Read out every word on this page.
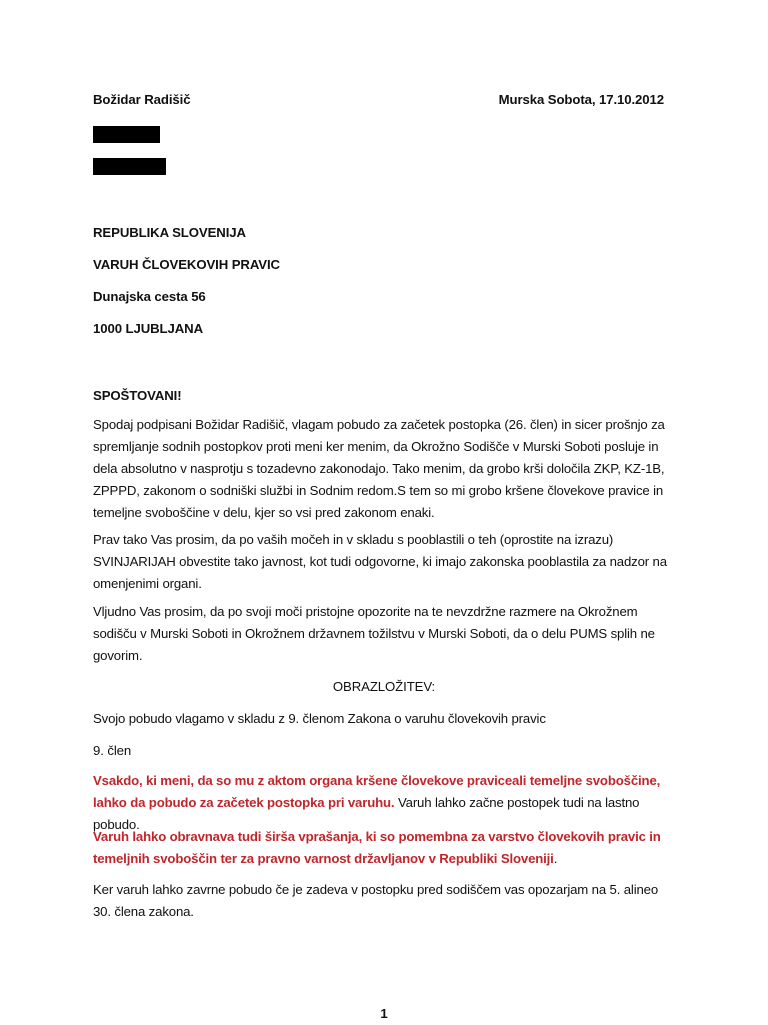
Božidar Radišič	Murska Sobota, 17.10.2012
REPUBLIKA SLOVENIJA
VARUH ČLOVEKOVIH PRAVIC
Dunajska cesta 56
1000 LJUBLJANA
SPOŠTOVANI!
Spodaj podpisani Božidar Radišič, vlagam pobudo za začetek postopka (26. člen) in sicer prošnjo za spremljanje sodnih postopkov proti meni ker menim, da Okrožno Sodišče v Murski Soboti posluje in dela absolutno v nasprotju s tozadevno zakonodajo. Tako menim, da grobo krši določila ZKP, KZ-1B, ZPPPD, zakonom o sodniški službi in Sodnim redom.S tem so mi grobo kršene človekove pravice in temeljne svoboščine v delu, kjer so vsi pred zakonom enaki.
Prav tako Vas prosim, da po vaših močeh in v skladu s pooblastili o teh (oprostite na izrazu) SVINJARIJAH obvestite tako javnost, kot tudi odgovorne, ki imajo zakonska pooblastila za nadzor na omenjenimi organi.
Vljudno Vas prosim, da po svoji moči pristojne opozorite na te nevzdržne razmere na Okrožnem sodišču v Murski Soboti in Okrožnem državnem tožilstvu v Murski Soboti, da o delu PUMS splih ne govorim.
OBRAZLOŽITEV:
Svojo pobudo vlagamo v skladu z 9. členom Zakona o varuhu človekovih pravic
9. člen
Vsakdo, ki meni, da so mu z aktom organa kršene človekove praviceali temeljne svoboščine, lahko da pobudo za začetek postopka pri varuhu. Varuh lahko začne postopek tudi na lastno pobudo.
Varuh lahko obravnava tudi širša vprašanja, ki so pomembna za varstvo človekovih pravic in temeljnih svoboščin ter za pravno varnost državljanov v Republiki Sloveniji.
Ker varuh lahko zavrne pobudo če je zadeva v postopku pred sodiščem vas opozarjam na 5. alineo 30. člena zakona.
1
